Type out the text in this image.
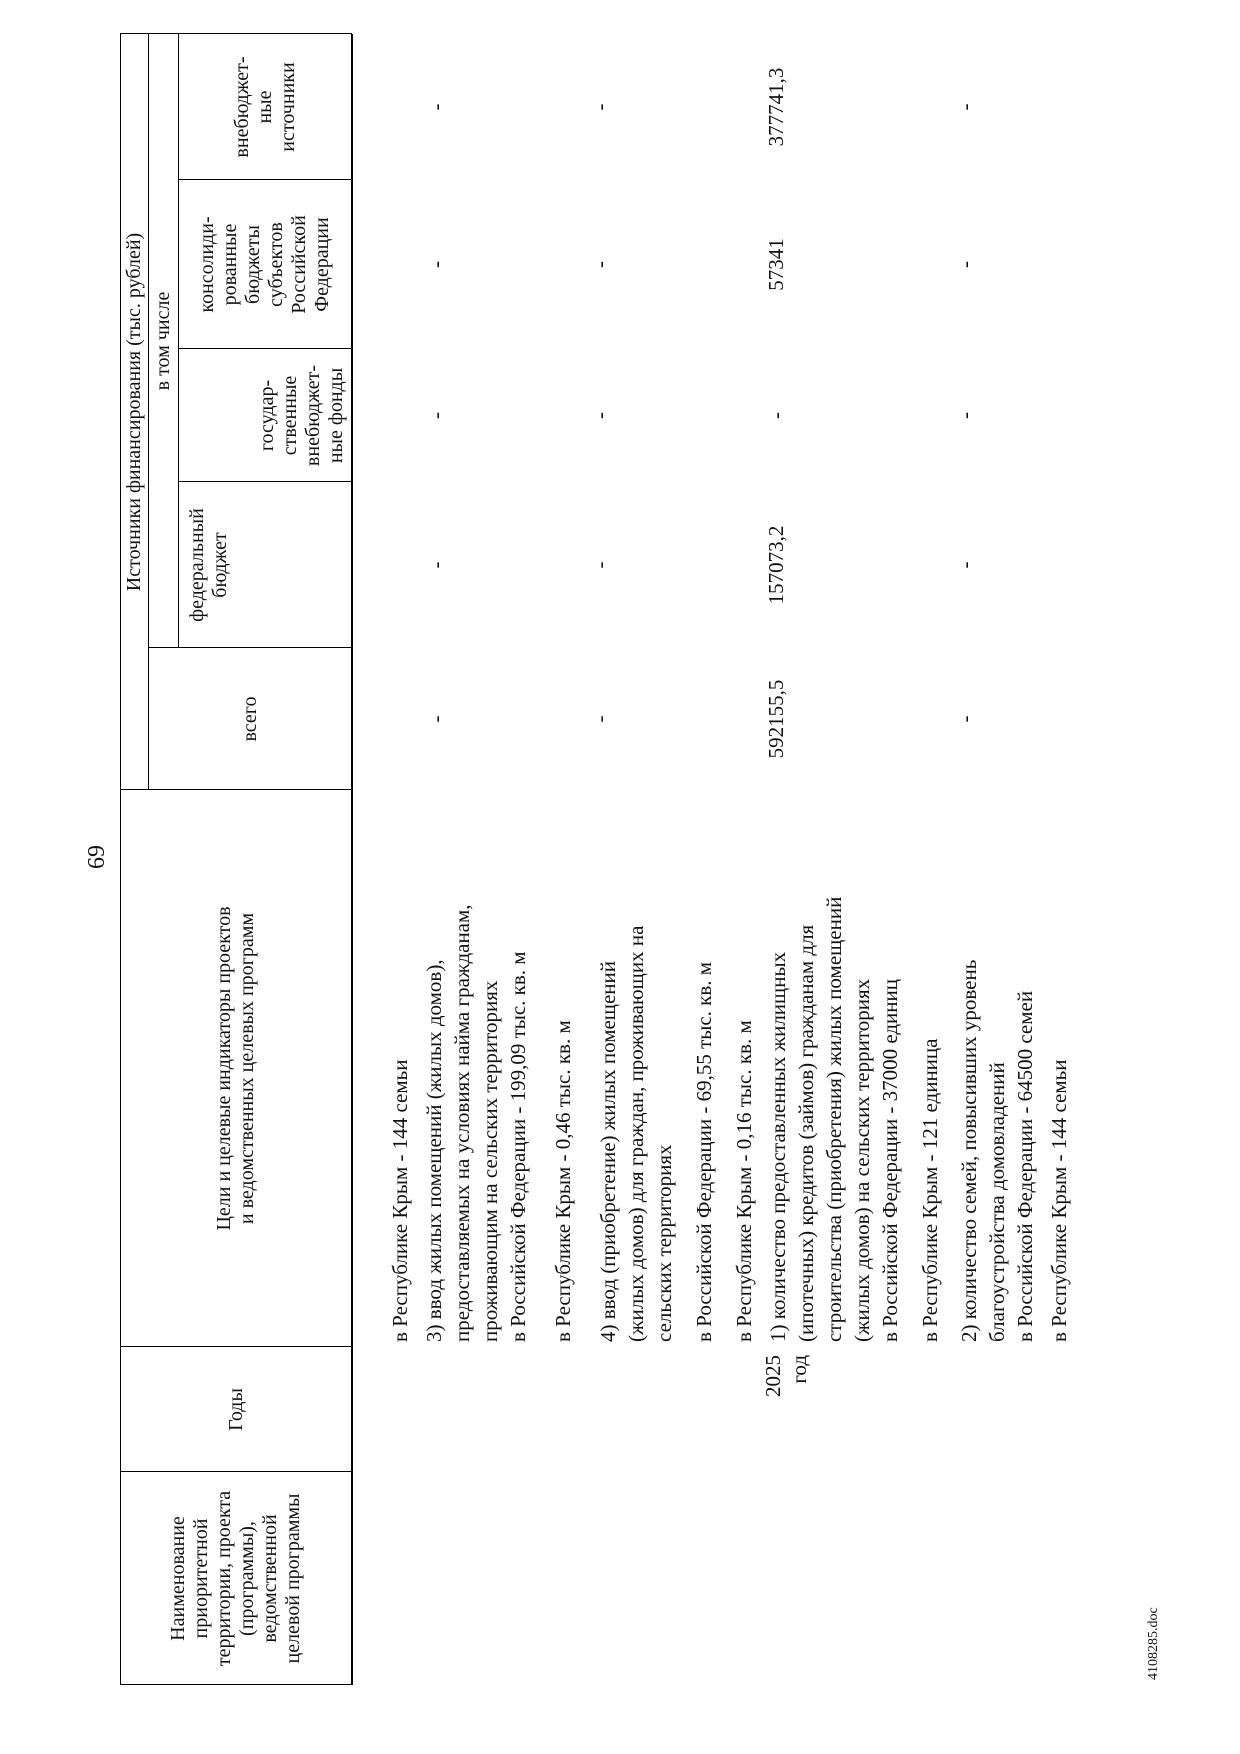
69
Наименование приоритетной территории, проекта (программы), ведомственной целевой программы
Годы
Цели и целевые индикаторы проектов и ведомственных целевых программ
Источники финансирования (тыс. рублей)
всего
в том числе
федеральный бюджет
государ- ственные внебюджет- ные фонды
консолиди- рованные бюджеты субъектов Российской Федерации
внебюджет- ные источники
2025 год
в Республике Крым - 144 семьи 3) ввод жилых помещений (жилых домов), предоставляемых на условиях найма гражданам, проживающим на сельских территориях в Российской Федерации - 199,09 тыс. кв. м в Республике Крым - 0,46 тыс. кв. м 4) ввод (приобретение) жилых помещений (жилых домов) для граждан, проживающих на сельских территориях в Российской Федерации - 69,55 тыс. кв. м в Республике Крым - 0,16 тыс. кв. м 1) количество предоставленных жилищных (ипотечных) кредитов (займов) гражданам для строительства (приобретения) жилых помещений (жилых домов) на сельских территориях в Российской Федерации - 37000 единиц в Республике Крым - 121 единица 2) количество семей, повысивших уровень благоустройства домовладений в Российской Федерации - 64500 семей в Республике Крым - 144 семьи
-
-
-
-
-
-
-
-
-
-
592155,5
157073,2
-
57341
377741,3
-
-
-
-
-
4108285.doc
